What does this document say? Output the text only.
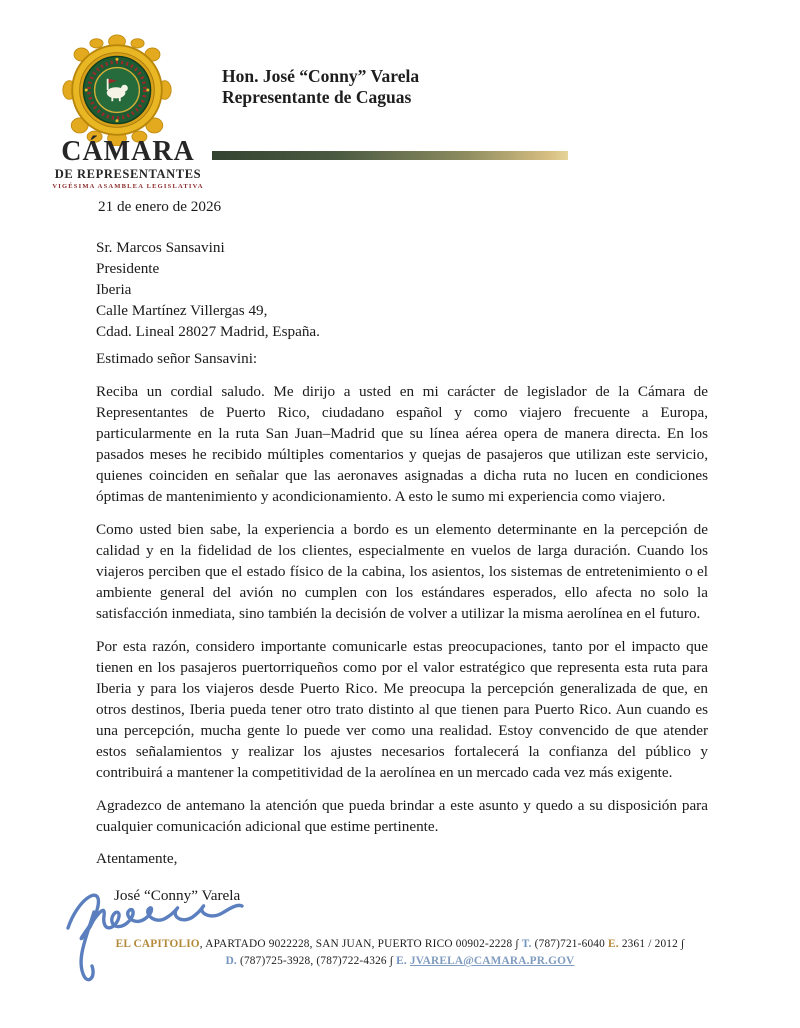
CÁMARA
DE REPRESENTANTES
VIGÉSIMA ASAMBLEA LEGISLATIVA
Hon. José “Conny” Varela
Representante de Caguas
21 de enero de 2026
Sr. Marcos Sansavini
Presidente
Iberia
Calle Martínez Villergas 49,
Cdad. Lineal 28027 Madrid, España.
Estimado señor Sansavini:
Reciba un cordial saludo. Me dirijo a usted en mi carácter de legislador de la Cámara de Representantes de Puerto Rico, ciudadano español y como viajero frecuente a Europa, particularmente en la ruta San Juan–Madrid que su línea aérea opera de manera directa. En los pasados meses he recibido múltiples comentarios y quejas de pasajeros que utilizan este servicio, quienes coinciden en señalar que las aeronaves asignadas a dicha ruta no lucen en condiciones óptimas de mantenimiento y acondicionamiento. A esto le sumo mi experiencia como viajero.
Como usted bien sabe, la experiencia a bordo es un elemento determinante en la percepción de calidad y en la fidelidad de los clientes, especialmente en vuelos de larga duración. Cuando los viajeros perciben que el estado físico de la cabina, los asientos, los sistemas de entretenimiento o el ambiente general del avión no cumplen con los estándares esperados, ello afecta no solo la satisfacción inmediata, sino también la decisión de volver a utilizar la misma aerolínea en el futuro.
Por esta razón, considero importante comunicarle estas preocupaciones, tanto por el impacto que tienen en los pasajeros puertorriqueños como por el valor estratégico que representa esta ruta para Iberia y para los viajeros desde Puerto Rico. Me preocupa la percepción generalizada de que, en otros destinos, Iberia pueda tener otro trato distinto al que tienen para Puerto Rico. Aun cuando es una percepción, mucha gente lo puede ver como una realidad. Estoy convencido de que atender estos señalamientos y realizar los ajustes necesarios fortalecerá la confianza del público y contribuirá a mantener la competitividad de la aerolínea en un mercado cada vez más exigente.
Agradezco de antemano la atención que pueda brindar a este asunto y quedo a su disposición para cualquier comunicación adicional que estime pertinente.
Atentamente,
José “Conny” Varela
EL CAPITOLIO, APARTADO 9022228, SAN JUAN, PUERTO RICO 00902-2228 ∫ T. (787)721-6040 E. 2361 / 2012 ∫
D. (787)725-3928, (787)722-4326 ∫ E. JVARELA@CAMARA.PR.GOV
